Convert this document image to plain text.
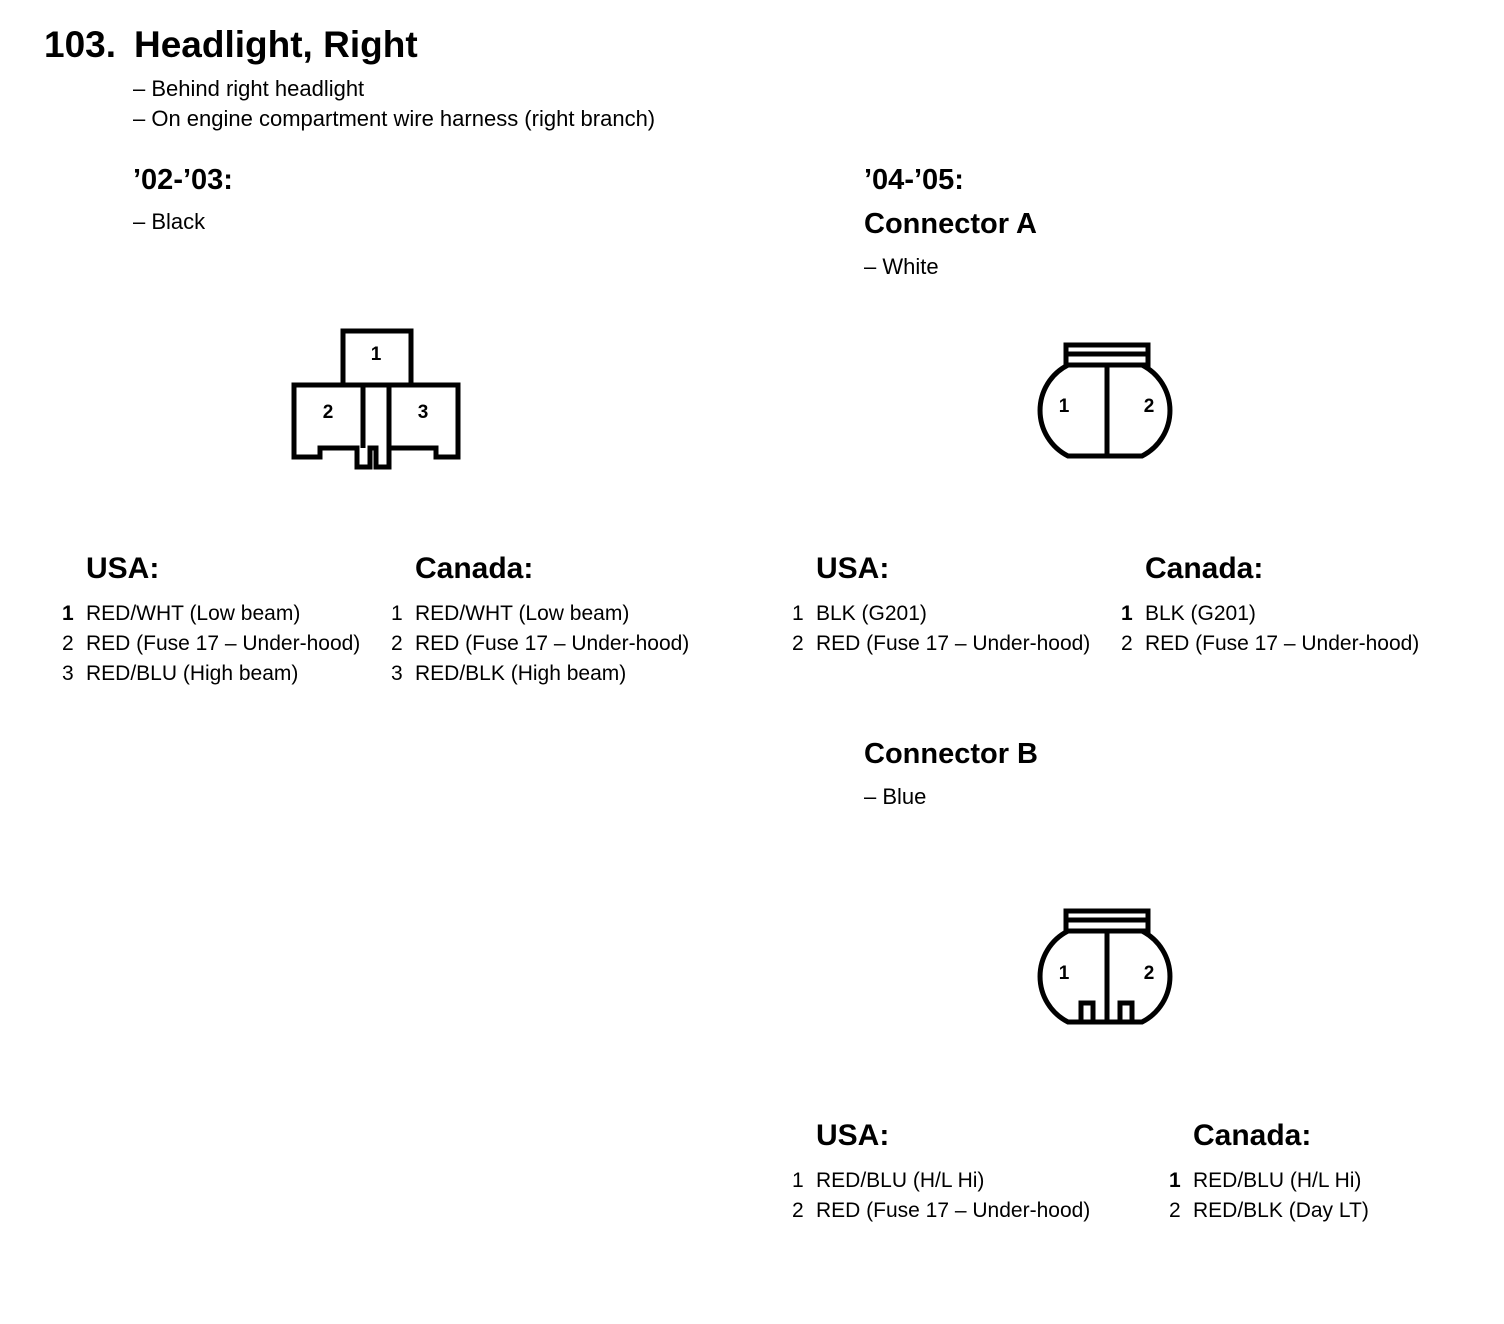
103. Headlight, Right
– Behind right headlight
– On engine compartment wire harness (right branch)
’02-’03:
– Black
1
2	3
USA:
1 RED/WHT (Low beam)
2 RED (Fuse 17 – Under-hood)
3 RED/BLU (High beam)
Canada:
1 RED/WHT (Low beam)
2 RED (Fuse 17 – Under-hood)
3 RED/BLK (High beam)
’04-’05:
Connector A
– White
1	2
USA:
1 BLK (G201)
2 RED (Fuse 17 – Under-hood)
Canada:
1 BLK (G201)
2 RED (Fuse 17 – Under-hood)
Connector B
– Blue
1	2
USA:
1 RED/BLU (H/L Hi)
2 RED (Fuse 17 – Under-hood)
Canada:
1 RED/BLU (H/L Hi)
2 RED/BLK (Day LT)
